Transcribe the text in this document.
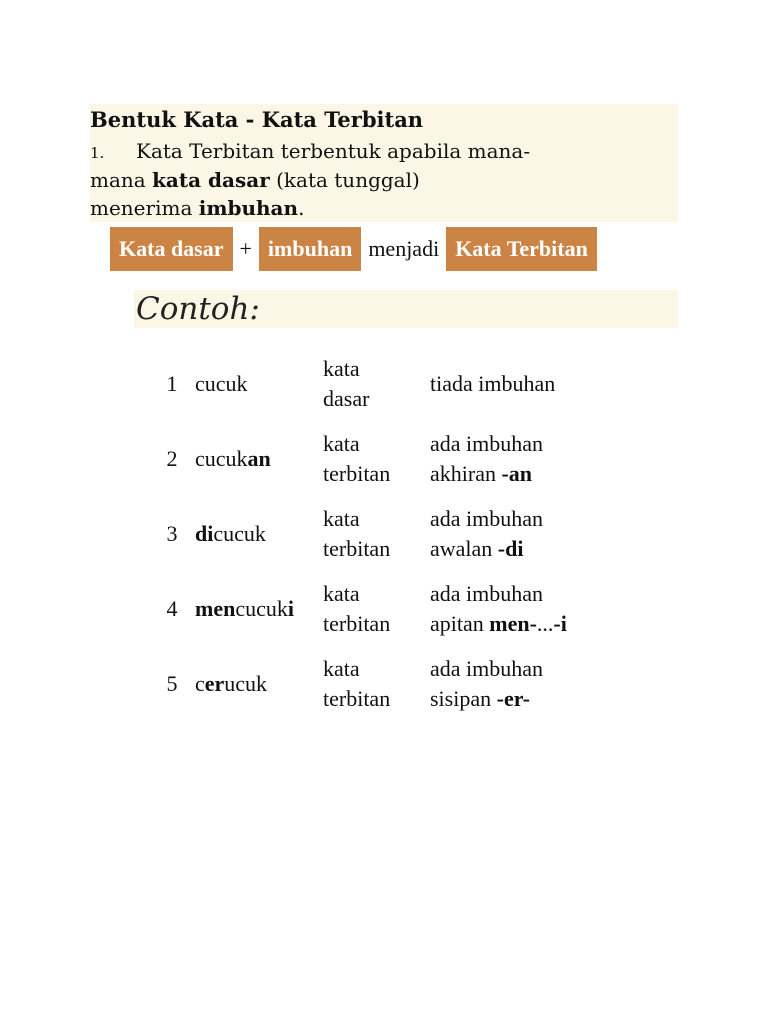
Bentuk Kata - Kata Terbitan
1. Kata Terbitan terbentuk apabila mana-
mana kata dasar (kata tunggal)
menerima imbuhan.
Kata dasar + imbuhan menjadi Kata Terbitan
Contoh:
1 cucuk
kata
dasar
tiada imbuhan
2 cucukan
kata
terbitan
ada imbuhan
akhiran -an
3 dicucuk
kata
terbitan
ada imbuhan
awalan -di
4 mencucuki
kata
terbitan
ada imbuhan
apitan men-...-i
5 cerucuk
kata
terbitan
ada imbuhan
sisipan -er-
